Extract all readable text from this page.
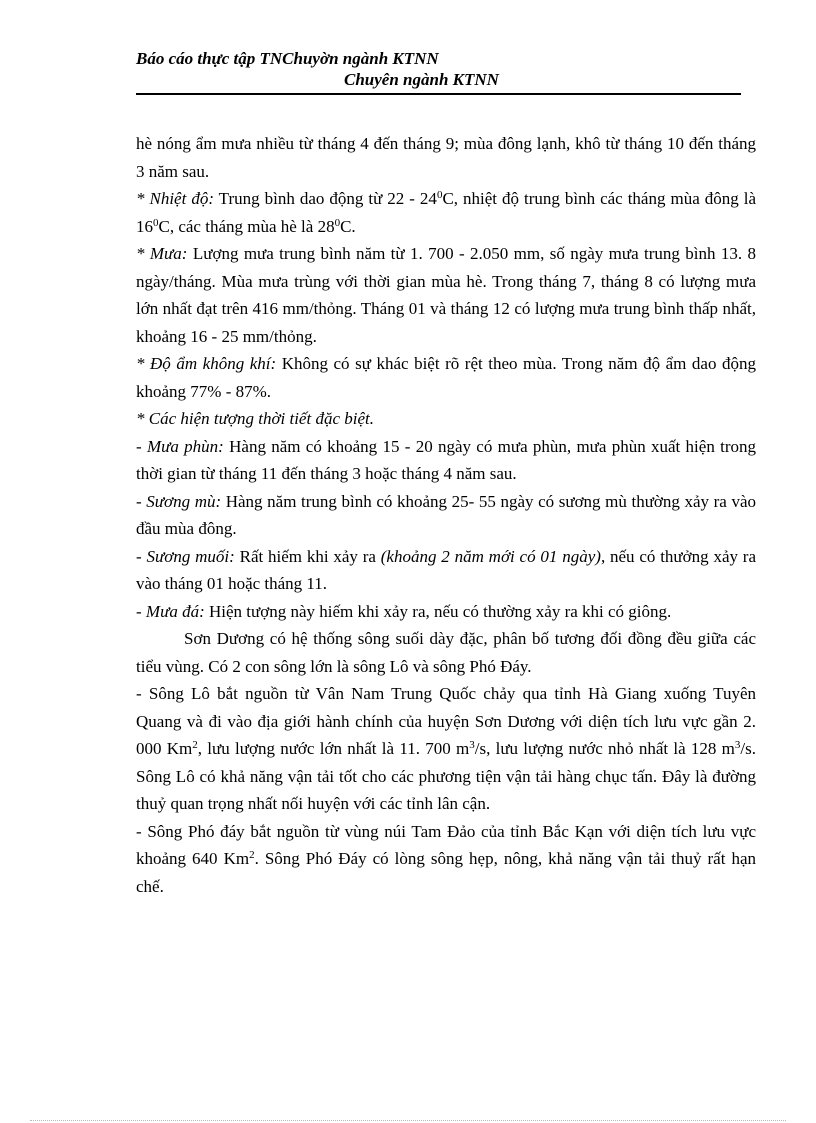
Báo cáo thực tập TNChuyờn ngành KTNN
Chuyên ngành KTNN

hè nóng ẩm mưa nhiều từ tháng 4 đến tháng 9; mùa đông lạnh, khô từ tháng 10 đến tháng 3 năm sau.

* Nhiệt độ: Trung bình dao động từ $22 - 24^0C$, nhiệt độ trung bình các tháng mùa đông là $16^0C$, các tháng mùa hè là $28^0C$.

* Mưa: Lượng mưa trung bình năm từ 1. 700 - 2.050 mm, số ngày mưa trung bình 13. 8 ngày/tháng. Mùa mưa trùng với thời gian mùa hè. Trong tháng 7, tháng 8 có lượng mưa lớn nhất đạt trên 416 mm/thỏng. Tháng 01 và tháng 12 có lượng mưa trung bình thấp nhất, khoảng 16 - 25 mm/thỏng.

* Độ ẩm không khí: Không có sự khác biệt rõ rệt theo mùa. Trong năm độ ẩm dao động khoảng 77% - 87%.

* Các hiện tượng thời tiết đặc biệt.

- Mưa phùn: Hàng năm có khoảng 15 - 20 ngày có mưa phùn, mưa phùn xuất hiện trong thời gian từ tháng 11 đến tháng 3 hoặc tháng 4 năm sau.

- Sương mù: Hàng năm trung bình có khoảng 25- 55 ngày có sương mù thường xảy ra vào đầu mùa đông.

- Sương muối: Rất hiếm khi xảy ra (khoảng 2 năm mới có 01 ngày), nếu có thưởng xảy ra vào tháng 01 hoặc tháng 11.

- Mưa đá: Hiện tượng này hiếm khi xảy ra, nếu có thường xảy ra khi có giông.

Sơn Dương có hệ thống sông suối dày đặc, phân bố tương đối đồng đều giữa các tiểu vùng. Có 2 con sông lớn là sông Lô và sông Phó Đáy.

- Sông Lô bắt nguồn từ Vân Nam Trung Quốc chảy qua tỉnh Hà Giang xuống Tuyên Quang và đi vào địa giới hành chính của huyện Sơn Dương với diện tích lưu vực gần 2. 000 Km$^2$, lưu lượng nước lớn nhất là 11. 700 $m^3/s$, lưu lượng nước nhỏ nhất là 128 $m^3/s$. Sông Lô có khả năng vận tải tốt cho các phương tiện vận tải hàng chục tấn. Đây là đường thuỷ quan trọng nhất nối huyện với các tỉnh lân cận.

- Sông Phó đáy bắt nguồn từ vùng núi Tam Đảo của tỉnh Bắc Kạn với diện tích lưu vực khoảng 640 Km$^2$. Sông Phó Đáy có lòng sông hẹp, nông, khả năng vận tải thuỷ rất hạn chế.
